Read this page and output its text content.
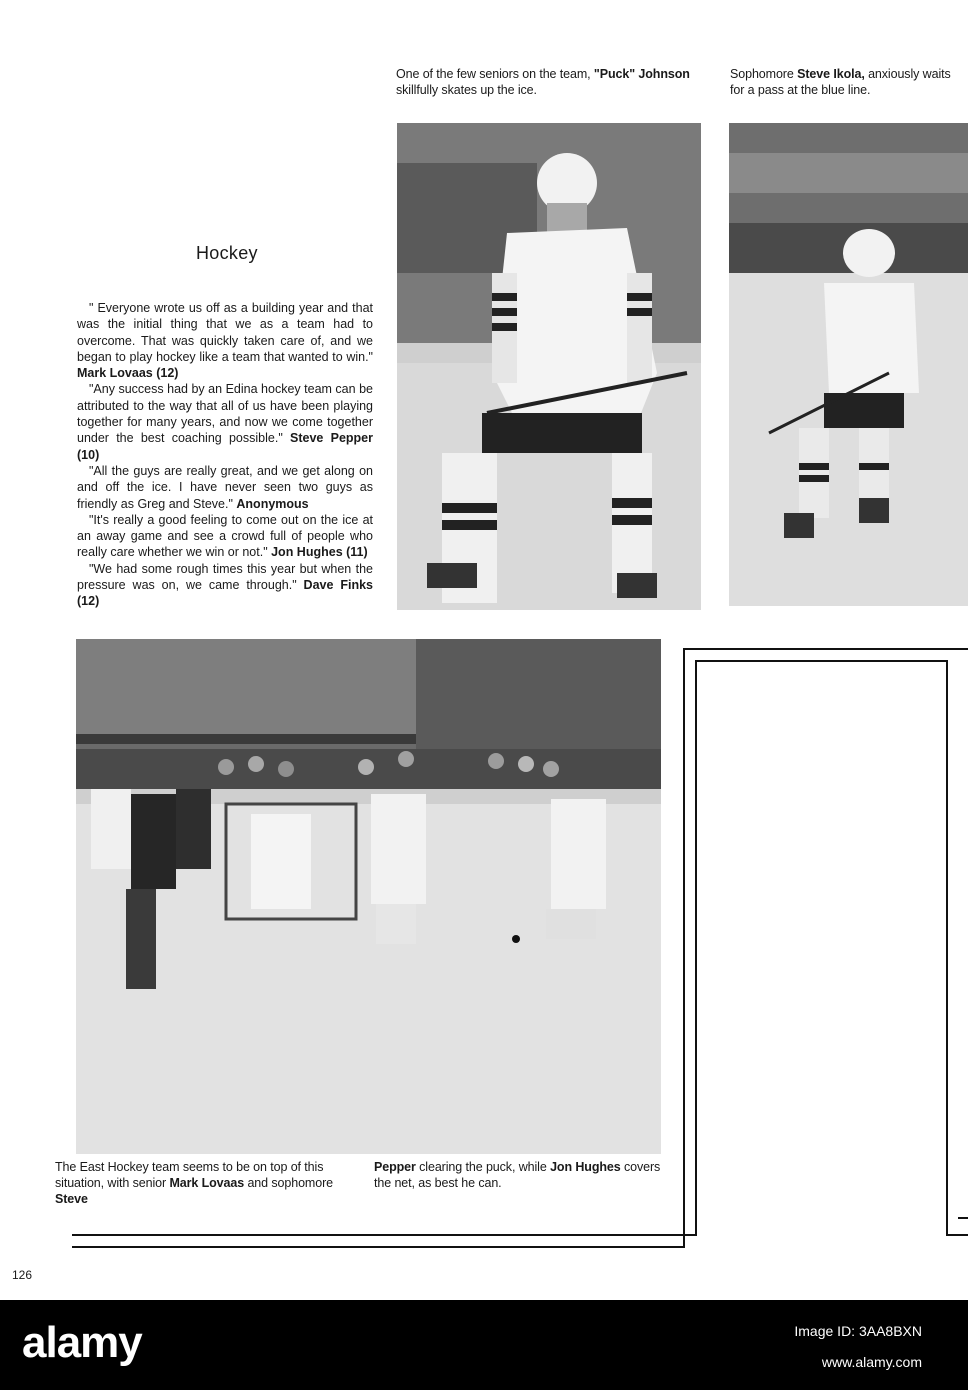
One of the few seniors on the team, "Puck" Johnson
skillfully skates up the ice.
Sophomore Steve Ikola, anxiously waits for a pass at the blue line.
Hockey

" Everyone wrote us off as a building year and that was the initial thing that we as a team had to overcome. That was quickly taken care of, and we began to play hockey like a team that wanted to win." Mark Lovaas (12)

"Any success had by an Edina hockey team can be attributed to the way that all of us have been playing together for many years, and now we come together under the best coaching possible." Steve Pepper (10)

"All the guys are really great, and we get along on and off the ice. I have never seen two guys as friendly as Greg and Steve." Anonymous

"It's really a good feeling to come out on the ice at an away game and see a crowd full of people who really care whether we win or not." Jon Hughes (11)

"We had some rough times this year but when the pressure was on, we came through." Dave Finks (12)

The East Hockey team seems to be on top of this situation, with senior Mark Lovaas and sophomore Steve
Pepper clearing the puck, while Jon Hughes covers the net, as best he can.
126
alamy	Image ID: 3AA8BXN
www.alamy.com
